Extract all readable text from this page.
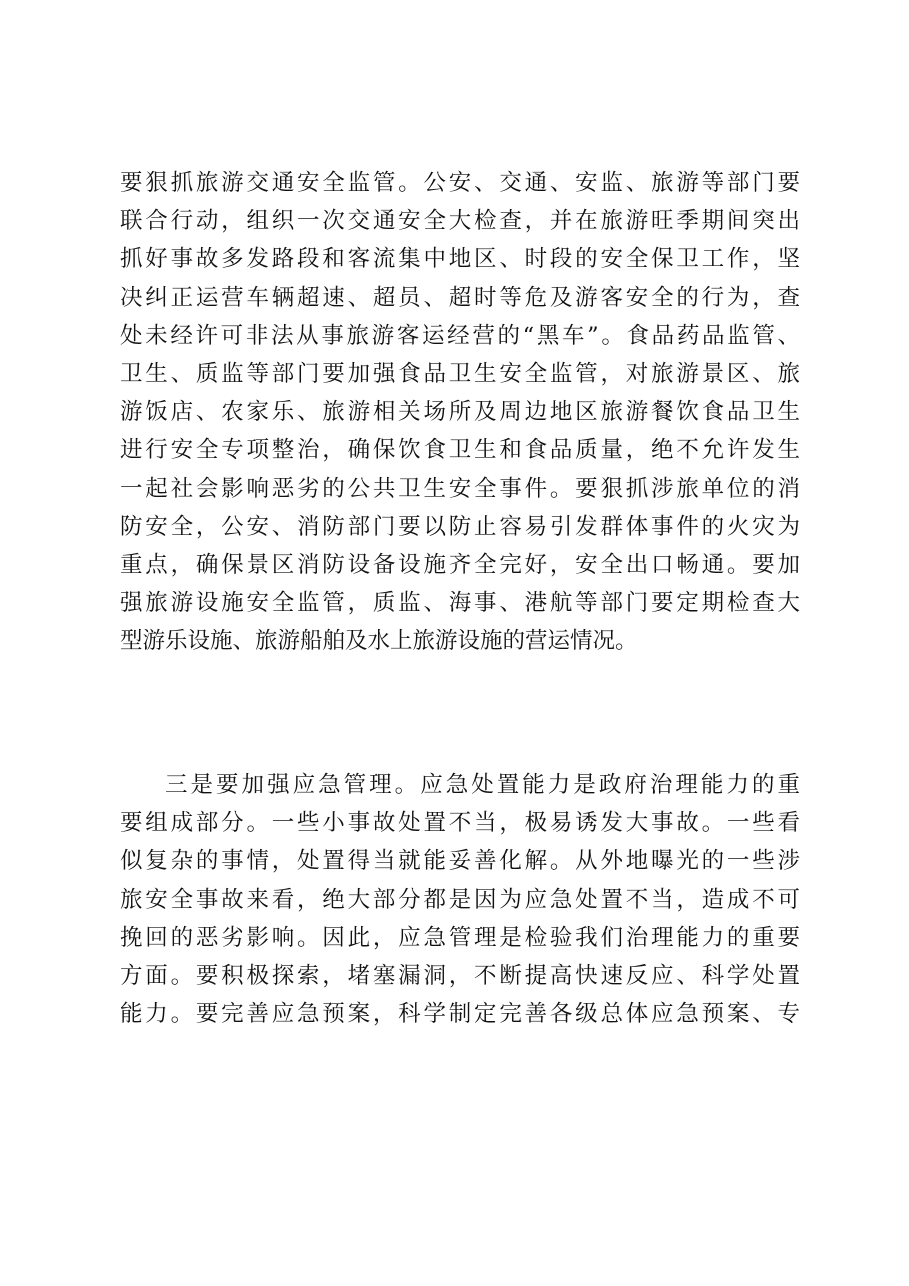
要狠抓旅游交通安全监管。公安、交通、安监、旅游等部门要
联合行动，组织一次交通安全大检查，并在旅游旺季期间突出
抓好事故多发路段和客流集中地区、时段的安全保卫工作，坚
决纠正运营车辆超速、超员、超时等危及游客安全的行为，查
处未经许可非法从事旅游客运经营的“黑车”。食品药品监管、
卫生、质监等部门要加强食品卫生安全监管，对旅游景区、旅
游饭店、农家乐、旅游相关场所及周边地区旅游餐饮食品卫生
进行安全专项整治，确保饮食卫生和食品质量，绝不允许发生
一起社会影响恶劣的公共卫生安全事件。要狠抓涉旅单位的消
防安全，公安、消防部门要以防止容易引发群体事件的火灾为
重点，确保景区消防设备设施齐全完好，安全出口畅通。要加
强旅游设施安全监管，质监、海事、港航等部门要定期检查大
型游乐设施、旅游船舶及水上旅游设施的营运情况。
三是要加强应急管理。应急处置能力是政府治理能力的重
要组成部分。一些小事故处置不当，极易诱发大事故。一些看
似复杂的事情，处置得当就能妥善化解。从外地曝光的一些涉
旅安全事故来看，绝大部分都是因为应急处置不当，造成不可
挽回的恶劣影响。因此，应急管理是检验我们治理能力的重要
方面。要积极探索，堵塞漏洞，不断提高快速反应、科学处置
能力。要完善应急预案，科学制定完善各级总体应急预案、专
